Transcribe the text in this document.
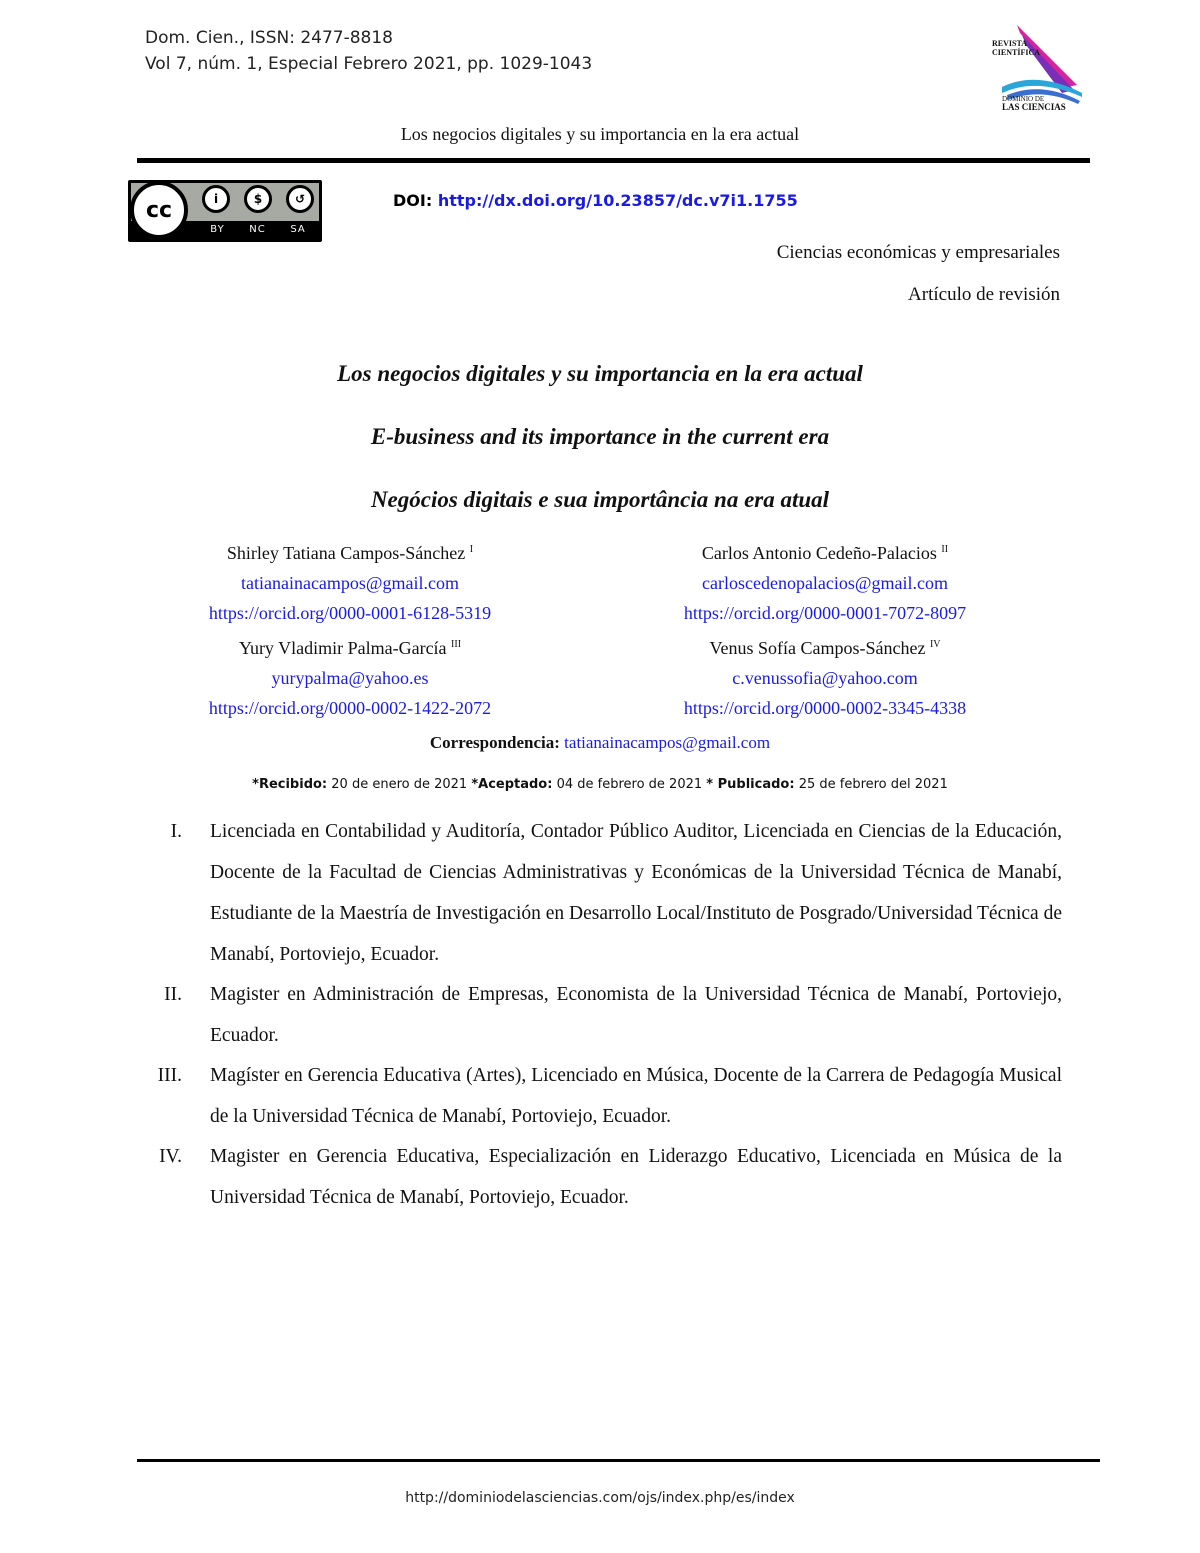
Dom. Cien., ISSN: 2477-8818
Vol 7, núm. 1, Especial Febrero 2021, pp. 1029-1043
REVISTA
CIENTÍFICA
DOMINIO DE
LAS CIENCIAS
Los negocios digitales y su importancia en la era actual
cc	i	$	↺
BY NC SA
DOI: http://dx.doi.org/10.23857/dc.v7i1.1755
Ciencias económicas y empresariales
Artículo de revisión
Los negocios digitales y su importancia en la era actual
E-business and its importance in the current era
Negócios digitais e sua importância na era atual
Shirley Tatiana Campos-Sánchez $^I$
tatianainacampos@gmail.com
https://orcid.org/0000-0001-6128-5319
Carlos Antonio Cedeño-Palacios $^{II}$
carloscedenopalacios@gmail.com
https://orcid.org/0000-0001-7072-8097
Yury Vladimir Palma-García $^{III}$
yurypalma@yahoo.es
https://orcid.org/0000-0002-1422-2072
Venus Sofía Campos-Sánchez $^{IV}$
c.venussofia@yahoo.com
https://orcid.org/0000-0002-3345-4338
Correspondencia: tatianainacampos@gmail.com
*Recibido: 20 de enero de 2021 *Aceptado: 04 de febrero de 2021 * Publicado: 25 de febrero del 2021
I. Licenciada en Contabilidad y Auditoría, Contador Público Auditor, Licenciada en Ciencias de la Educación, Docente de la Facultad de Ciencias Administrativas y Económicas de la Universidad Técnica de Manabí, Estudiante de la Maestría de Investigación en Desarrollo Local/Instituto de Posgrado/Universidad Técnica de Manabí, Portoviejo, Ecuador.
II. Magister en Administración de Empresas, Economista de la Universidad Técnica de Manabí, Portoviejo, Ecuador.
III. Magíster en Gerencia Educativa (Artes), Licenciado en Música, Docente de la Carrera de Pedagogía Musical de la Universidad Técnica de Manabí, Portoviejo, Ecuador.
IV. Magister en Gerencia Educativa, Especialización en Liderazgo Educativo, Licenciada en Música de la Universidad Técnica de Manabí, Portoviejo, Ecuador.
http://dominiodelasciencias.com/ojs/index.php/es/index
